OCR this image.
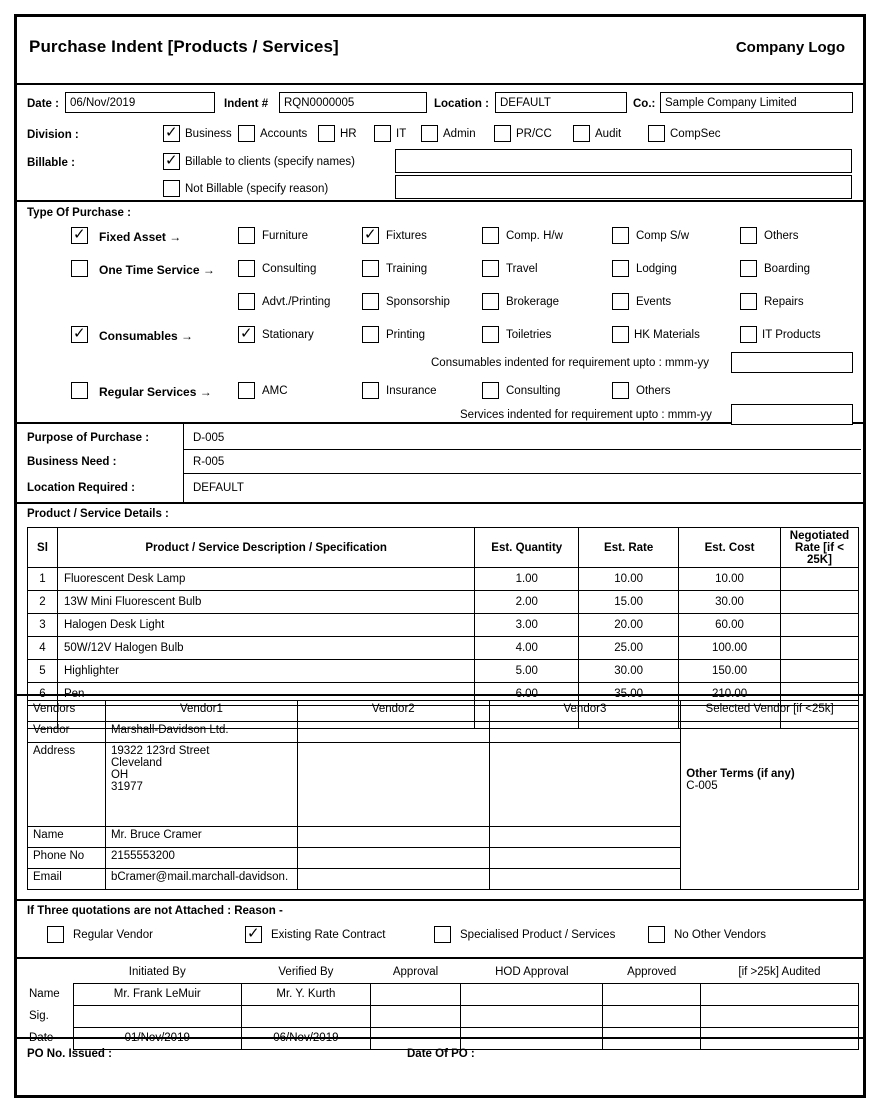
Purchase Indent [Products / Services]	Company Logo
Date : 06/Nov/2019	Indent #	RQN0000005	Location : DEFAULT	Co.: Sample Company Limited
Division : ✓	Business Accounts	HR	IT	Admin	PR/CC	Audit	CompSec
Billable : ✓	Billable to clients (specify names)
Not Billable (specify reason)
Type Of Purchase :
✓
Fixed Asset →
One Time Service →
✓
Consumables →
Regular Services →
Furniture ✓	Fixtures	Comp. H/w	Comp S/w	Others
Consulting	Training	Travel	Lodging	Boarding
Advt./Printing	Sponsorship	Brokerage	Events	Repairs
✓
Stationary	Printing	Toiletries	HK Materials	IT Products
Consumables indented for requirement upto : mmm-yy
AMC	Insurance	Consulting	Others
Services indented for requirement upto : mmm-yy
Purpose of Purchase :	D-005
Business Need :	R-005
Location Required :	DEFAULT
Product / Service Details :
Sl	Product / Service Description / Specification	Est. Quantity	Est. Rate	Est. Cost	Negotiated
Rate [if < 25K]

1	Fluorescent Desk Lamp	1.00	10.00	10.00	
2	13W Mini Fluorescent Bulb	2.00	15.00	30.00	
3	Halogen Desk Light	3.00	20.00	60.00	
4	50W/12V Halogen Bulb	4.00	25.00	100.00	
5	Highlighter	5.00	30.00	150.00	
6	Pen	6.00	35.00	210.00	

Vendors	Vendor1	Vendor2	Vendor3	Selected Vendor [if <25k]
Vendor	Marshall-Davidson Ltd.			Other Terms (if any)
C-005

Address	19322 123rd Street
Cleveland
OH
31977			

Name	Mr. Bruce Cramer			
Phone No	2155553200			
Email	bCramer@mail.marchall-davidson.			
If Three quotations are not Attached : Reason -
Regular Vendor ✓	Existing Rate Contract	Specialised Product / Services	No Other Vendors
	Initiated By	Verified By	Approval	HOD Approval	Approved	[if >25k] Audited
Name	Mr. Frank LeMuir	Mr. Y. Kurth				
Sig.						
Date	01/Nov/2019	06/Nov/2019				
PO No. Issued :	Date Of PO :
